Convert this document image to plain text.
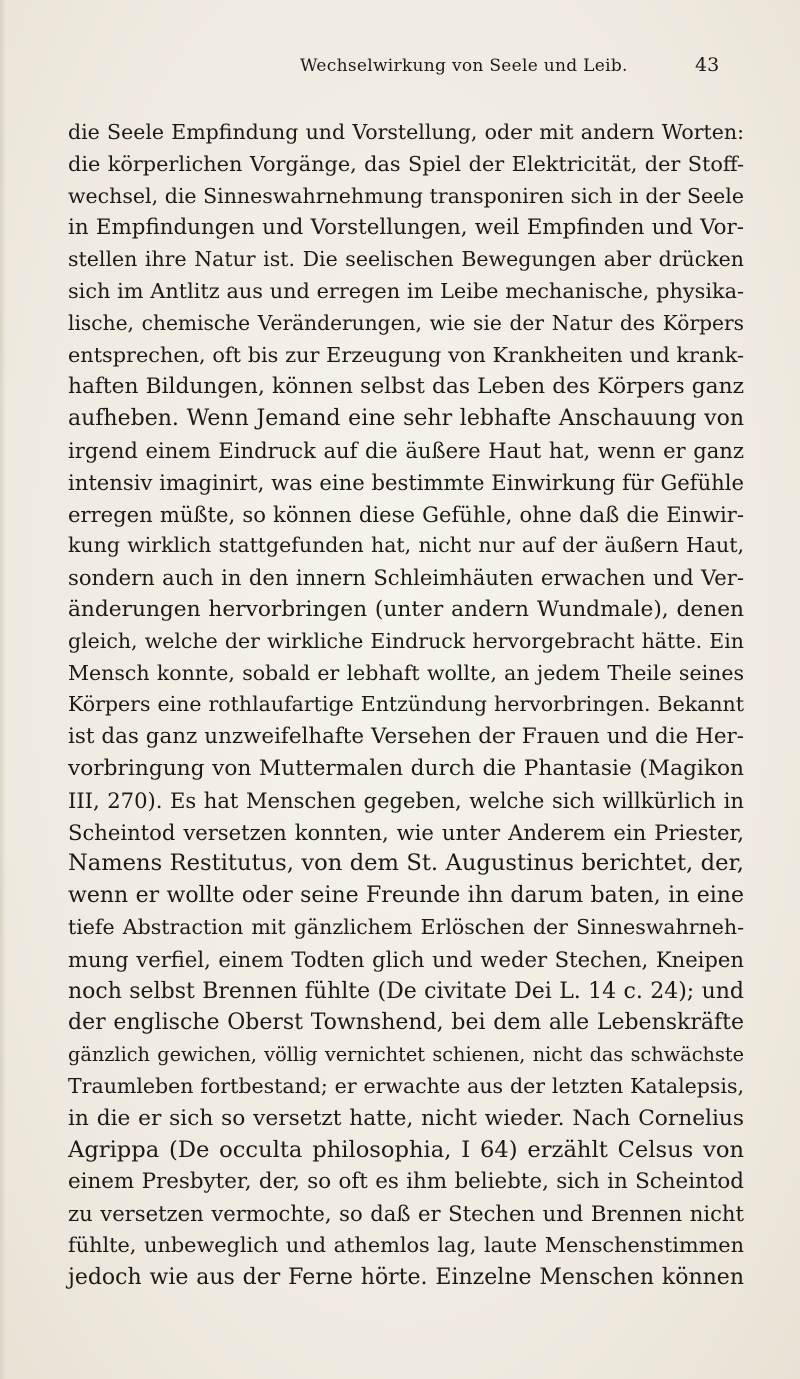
Wechselwirkung von Seele und Leib.	43
die Seele Empfindung und Vorstellung, oder mit andern Worten:
die körperlichen Vorgänge, das Spiel der Elektricität, der Stoff-
wechsel, die Sinneswahrnehmung transponiren sich in der Seele
in Empfindungen und Vorstellungen, weil Empfinden und Vor-
stellen ihre Natur ist. Die seelischen Bewegungen aber drücken
sich im Antlitz aus und erregen im Leibe mechanische, physika-
lische, chemische Veränderungen, wie sie der Natur des Körpers
entsprechen, oft bis zur Erzeugung von Krankheiten und krank-
haften Bildungen, können selbst das Leben des Körpers ganz
aufheben. Wenn Jemand eine sehr lebhafte Anschauung von
irgend einem Eindruck auf die äußere Haut hat, wenn er ganz
intensiv imaginirt, was eine bestimmte Einwirkung für Gefühle
erregen müßte, so können diese Gefühle, ohne daß die Einwir-
kung wirklich stattgefunden hat, nicht nur auf der äußern Haut,
sondern auch in den innern Schleimhäuten erwachen und Ver-
änderungen hervorbringen (unter andern Wundmale), denen
gleich, welche der wirkliche Eindruck hervorgebracht hätte. Ein
Mensch konnte, sobald er lebhaft wollte, an jedem Theile seines
Körpers eine rothlaufartige Entzündung hervorbringen. Bekannt
ist das ganz unzweifelhafte Versehen der Frauen und die Her-
vorbringung von Muttermalen durch die Phantasie (Magikon
III, 270). Es hat Menschen gegeben, welche sich willkürlich in
Scheintod versetzen konnten, wie unter Anderem ein Priester,
Namens Restitutus, von dem St. Augustinus berichtet, der,
wenn er wollte oder seine Freunde ihn darum baten, in eine
tiefe Abstraction mit gänzlichem Erlöschen der Sinneswahrneh-
mung verfiel, einem Todten glich und weder Stechen, Kneipen
noch selbst Brennen fühlte (De civitate Dei L. 14 c. 24); und
der englische Oberst Townshend, bei dem alle Lebenskräfte
gänzlich gewichen, völlig vernichtet schienen, nicht das schwächste
Traumleben fortbestand; er erwachte aus der letzten Katalepsis,
in die er sich so versetzt hatte, nicht wieder. Nach Cornelius
Agrippa (De occulta philosophia, I 64) erzählt Celsus von
einem Presbyter, der, so oft es ihm beliebte, sich in Scheintod
zu versetzen vermochte, so daß er Stechen und Brennen nicht
fühlte, unbeweglich und athemlos lag, laute Menschenstimmen
jedoch wie aus der Ferne hörte. Einzelne Menschen können
